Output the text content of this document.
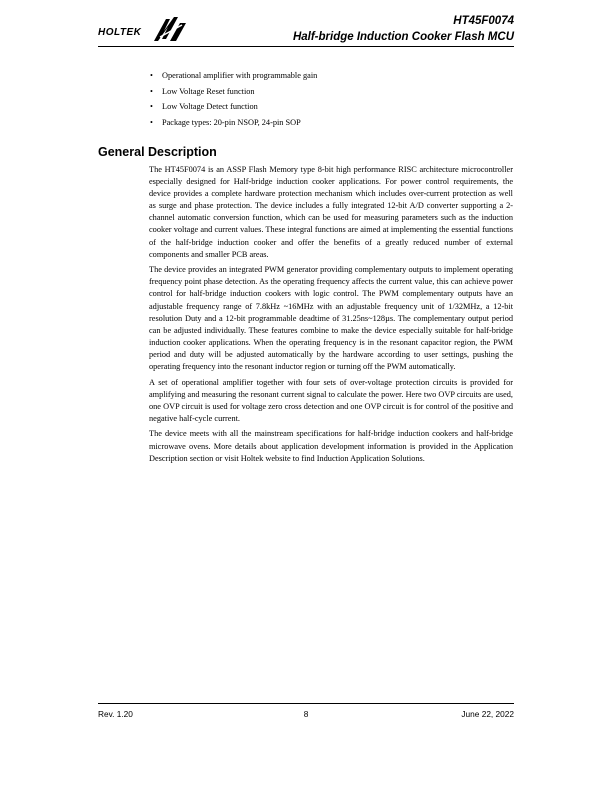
HOLTEK
HT45F0074
Half-bridge Induction Cooker Flash MCU
• Operational amplifier with programmable gain
• Low Voltage Reset function
• Low Voltage Detect function
• Package types: 20-pin NSOP, 24-pin SOP
General Description

The HT45F0074 is an ASSP Flash Memory type 8-bit high performance RISC architecture microcontroller especially designed for Half-bridge induction cooker applications. For power control requirements, the device provides a complete hardware protection mechanism which includes over-current protection as well as surge and phase protection. The device includes a fully integrated 12-bit A/D converter supporting a 2-channel automatic conversion function, which can be used for measuring parameters such as the induction cooker voltage and current values. These integral functions are aimed at implementing the essential functions of the half-bridge induction cooker and offer the benefits of a greatly reduced number of external components and smaller PCB areas.

The device provides an integrated PWM generator providing complementary outputs to implement operating frequency point phase detection. As the operating frequency affects the current value, this can achieve power control for half-bridge induction cookers with logic control. The PWM complementary outputs have an adjustable frequency range of 7.8kHz ~16MHz with an adjustable frequency unit of 1/32MHz, a 12-bit resolution Duty and a 12-bit programmable deadtime of 31.25ns~128µs. The complementary output period can be adjusted individually. These features combine to make the device especially suitable for half-bridge induction cooker applications. When the operating frequency is in the resonant capacitor region, the PWM period and duty will be adjusted automatically by the hardware according to user settings, pushing the operating frequency into the resonant inductor region or turning off the PWM automatically.

A set of operational amplifier together with four sets of over-voltage protection circuits is provided for amplifying and measuring the resonant current signal to calculate the power. Here two OVP circuits are used, one OVP circuit is used for voltage zero cross detection and one OVP circuit is for control of the positive and negative half-cycle current.

The device meets with all the mainstream specifications for half-bridge induction cookers and half-bridge microwave ovens. More details about application development information is provided in the Application Description section or visit Holtek website to find Induction Application Solutions.

Rev. 1.20	8	June 22, 2022
